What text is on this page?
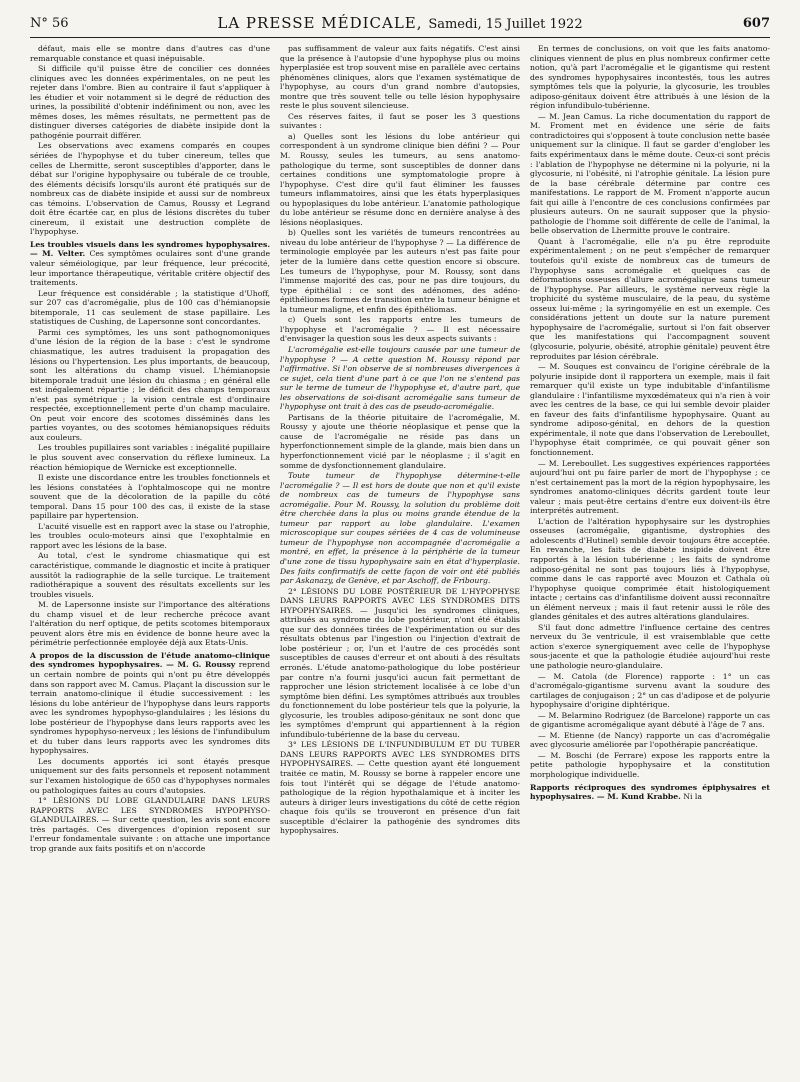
N° 56	LA PRESSE MÉDICALE, Samedi, 15 Juillet 1922	607

défaut, mais elle se montre dans d'autres cas d'une remarquable constance et quasi inépuisable.

Si difficile qu'il puisse être de concilier ces données cliniques avec les données expérimentales, on ne peut les rejeter dans l'ombre. Bien au contraire il faut s'appliquer à les étudier et voir notamment si le degré de réduction des urines, la possibilité d'obtenir indéfiniment ou non, avec les mêmes doses, les mêmes résultats, ne permettent pas de distinguer diverses catégories de diabète insipide dont la pathogénie pourrait différer.

Les observations avec examens comparés en coupes sériées de l'hypophyse et du tuber cinereum, telles que celles de Lhermitte, seront susceptibles d'apporter, dans le débat sur l'origine hypophysaire ou tubérale de ce trouble, des éléments décisifs lorsqu'ils auront été pratiqués sur de nombreux cas de diabète insipide et aussi sur de nombreux cas témoins. L'observation de Camus, Roussy et Legrand doit être écartée car, en plus de lésions discrètes du tuber cinereum, il existait une destruction complète de l'hypophyse.

Les troubles visuels dans les syndromes hypophysaires. — M. Velter. Ces symptômes oculaires sont d'une grande valeur séméiologique, par leur fréquence, leur précocité, leur importance thérapeutique, véritable critère objectif des traitements.

Leur fréquence est considérable ; la statistique d'Uhoff, sur 207 cas d'acromégalie, plus de 100 cas d'hémianopsie bitemporale, 11 cas seulement de stase papillaire. Les statistiques de Cushing, de Lapersonne sont concordantes.

Parmi ces symptômes, les uns sont pathognomoniques d'une lésion de la région de la base : c'est le syndrome chiasmatique, les autres traduisent la propagation des lésions ou l'hypertension. Les plus importants, de beaucoup, sont les altérations du champ visuel. L'hémianopsie bitemporale traduit une lésion du chiasma ; en général elle est inégalement répartie ; le déficit des champs temporaux n'est pas symétrique ; la vision centrale est d'ordinaire respectée, exceptionnellement perte d'un champ maculaire. On peut voir encore des scotomes disséminés dans les parties voyantes, ou des scotomes hémianopsiques réduits aux couleurs.

Les troubles pupillaires sont variables : inégalité pupillaire le plus souvent avec conservation du réflexe lumineux. La réaction hémiopique de Wernicke est exceptionnelle.

Il existe une discordance entre les troubles fonctionnels et les lésions constatées à l'ophtalmoscope qui ne montre souvent que de la décoloration de la papille du côté temporal. Dans 15 pour 100 des cas, il existe de la stase papillaire par hypertension.

L'acuité visuelle est en rapport avec la stase ou l'atrophie, les troubles oculo-moteurs ainsi que l'exophtalmie en rapport avec les lésions de la base.

Au total, c'est le syndrome chiasmatique qui est caractéristique, commande le diagnostic et incite à pratiquer aussitôt la radiographie de la selle turcique. Le traitement radiothérapique a souvent des résultats excellents sur les troubles visuels.

M. de Lapersonne insiste sur l'importance des altérations du champ visuel et de leur recherche précoce avant l'altération du nerf optique, de petits scotomes bitemporaux peuvent alors être mis en évidence de bonne heure avec la périmétrie perfectionnée employée déjà aux Etats-Unis.

A propos de la discussion de l'étude anatomo-clinique des syndromes hypophysaires. — M. G. Roussy reprend un certain nombre de points qui n'ont pu être développés dans son rapport avec M. Camus. Plaçant la discussion sur le terrain anatomo-clinique il étudie successivement : les lésions du lobe antérieur de l'hypophyse dans leurs rapports avec les syndromes hypophyso-glandulaires ; les lésions du lobe postérieur de l'hypophyse dans leurs rapports avec les syndromes hypophyso-nerveux ; les lésions de l'infundibulum et du tuber dans leurs rapports avec les syndromes dits hypophysaires.

Les documents apportés ici sont étayés presque uniquement sur des faits personnels et reposent notamment sur l'examen histologique de 650 cas d'hypophyses normales ou pathologiques faites au cours d'autopsies.

1° LÉSIONS DU LOBE GLANDULAIRE DANS LEURS RAPPORTS AVEC LES SYNDROMES HYPOPHYSO-GLANDULAIRES. — Sur cette question, les avis sont encore très partagés. Ces divergences d'opinion reposent sur l'erreur fondamentale suivante : on attache une importance trop grande aux faits positifs et on n'accorde

pas suffisamment de valeur aux faits négatifs. C'est ainsi que la présence à l'autopsie d'une hypophyse plus ou moins hyperplasiée est trop souvent mise en parallèle avec certains phénomènes cliniques, alors que l'examen systématique de l'hypophyse, au cours d'un grand nombre d'autopsies, montre que très souvent telle ou telle lésion hypophysaire reste le plus souvent silencieuse.

Ces réserves faites, il faut se poser les 3 questions suivantes :

a) Quelles sont les lésions du lobe antérieur qui correspondent à un syndrome clinique bien défini ? — Pour M. Roussy, seules les tumeurs, au sens anatomo-pathologique du terme, sont susceptibles de donner dans certaines conditions une symptomatologie propre à l'hypophyse. C'est dire qu'il faut éliminer les fausses tumeurs inflammatoires, ainsi que les états hyperplasiques ou hypoplasiques du lobe antérieur. L'anatomie pathologique du lobe antérieur se résume donc en dernière analyse à des lésions néoplasiques.

b) Quelles sont les variétés de tumeurs rencontrées au niveau du lobe antérieur de l'hypophyse ? — La différence de terminologie employée par les auteurs n'est pas faite pour jeter de la lumière dans cette question encore si obscure. Les tumeurs de l'hypophyse, pour M. Roussy, sont dans l'immense majorité des cas, pour ne pas dire toujours, du type épithélial : ce sont des adénomes, des adéno-épithéliomes formes de transition entre la tumeur bénigne et la tumeur maligne, et enfin des épithéliomas.

c) Quels sont les rapports entre les tumeurs de l'hypophyse et l'acromégalie ? — Il est nécessaire d'envisager la question sous les deux aspects suivants :

L'acromégalie est-elle toujours causée par une tumeur de l'hypophyse ? — A cette question M. Roussy répond par l'affirmative. Si l'on observe de si nombreuses divergences à ce sujet, cela tient d'une part à ce que l'on ne s'entend pas sur le terme de tumeur de l'hypophyse et, d'autre part, que les observations de soi-disant acromégalie sans tumeur de l'hypophyse ont trait à des cas de pseudo-acromégalie.

Partisans de la théorie pituitaire de l'acromégalie, M. Roussy y ajoute une théorie néoplasique et pense que la cause de l'acromégalie ne réside pas dans un hyperfonctionnement simple de la glande, mais bien dans un hyperfonctionnement vicié par le néoplasme ; il s'agit en somme de dysfonctionnement glandulaire.

Toute tumeur de l'hypophyse détermine-t-elle l'acromégalie ? — Il est hors de doute que non et qu'il existe de nombreux cas de tumeurs de l'hypophyse sans acromégalie. Pour M. Roussy, la solution du problème doit être cherchée dans la plus ou moins grande étendue de la tumeur par rapport au lobe glandulaire. L'examen microscopique sur coupes sériées de 4 cas de volumineuse tumeur de l'hypophyse non accompagnée d'acromégalie a montré, en effet, la présence à la périphérie de la tumeur d'une zone de tissu hypophysaire sain en état d'hyperplasie. Des faits confirmatifs de cette façon de voir ont été publiés par Askanazy, de Genève, et par Aschoff, de Fribourg.

2° LÉSIONS DU LOBE POSTÉRIEUR DE L'HYPOPHYSE DANS LEURS RAPPORTS AVEC LES SYNDROMES DITS HYPOPHYSAIRES. — Jusqu'ici les syndromes cliniques, attribués au syndrome du lobe postérieur, n'ont été établis que sur des données tirées de l'expérimentation ou sur des résultats obtenus par l'ingestion ou l'injection d'extrait de lobe postérieur ; or, l'un et l'autre de ces procédés sont susceptibles de causes d'erreur et ont abouti à des résultats erronés. L'étude anatomo-pathologique du lobe postérieur par contre n'a fourni jusqu'ici aucun fait permettant de rapprocher une lésion strictement localisée à ce lobe d'un symptôme bien défini. Les symptômes attribués aux troubles du fonctionnement du lobe postérieur tels que la polyurie, la glycosurie, les troubles adiposo-génitaux ne sont donc que les symptômes d'emprunt qui appartiennent à la région infundibulo-tubérienne de la base du cerveau.

3° LES LÉSIONS DE L'INFUNDIBULUM ET DU TUBER DANS LEURS RAPPORTS AVEC LES SYNDROMES DITS HYPOPHYSAIRES. — Cette question ayant été longuement traitée ce matin, M. Roussy se borne à rappeler encore une fois tout l'intérêt qui se dégage de l'étude anatomo-pathologique de la région hypothalamique et à inciter les auteurs à diriger leurs investigations du côté de cette région chaque fois qu'ils se trouveront en présence d'un fait susceptible d'éclairer la pathogénie des syndromes dits hypophysaires.

En termes de conclusions, on voit que les faits anatomo-cliniques viennent de plus en plus nombreux confirmer cette notion, qu'à part l'acromégalie et le gigantisme qui restent des syndromes hypophysaires incontestés, tous les autres symptômes tels que la polyurie, la glycosurie, les troubles adiposo-génitaux doivent être attribués à une lésion de la région infundibulo-tubérienne.

— M. Jean Camus. La riche documentation du rapport de M. Froment met en évidence une série de faits contradictoires qui s'opposent à toute conclusion nette basée uniquement sur la clinique. Il faut se garder d'englober les faits expérimentaux dans le même doute. Ceux-ci sont précis : l'ablation de l'hypophyse ne détermine ni la polyurie, ni la glycosurie, ni l'obésité, ni l'atrophie génitale. La lésion pure de la base cérébrale détermine par contre ces manifestations. Le rapport de M. Froment n'apporte aucun fait qui aille à l'encontre de ces conclusions confirmées par plusieurs auteurs. On ne saurait supposer que la physio-pathologie de l'homme soit différente de celle de l'animal, la belle observation de Lhermitte prouve le contraire.

Quant à l'acromégalie, elle n'a pu être reproduite expérimentalement ; on ne peut s'empêcher de remarquer toutefois qu'il existe de nombreux cas de tumeurs de l'hypophyse sans acromégalie et quelques cas de déformations osseuses d'allure acromégalique sans tumeur de l'hypophyse. Par ailleurs, le système nerveux règle la trophicité du système musculaire, de la peau, du système osseux lui-même ; la syringomyélie en est un exemple. Ces considérations jettent un doute sur la nature purement hypophysaire de l'acromégalie, surtout si l'on fait observer que les manifestations qui l'accompagnent souvent (glycosurie, polyurie, obésité, atrophie génitale) peuvent être reproduites par lésion cérébrale.

— M. Souques est convaincu de l'origine cérébrale de la polyurie insipide dont il rapportera un exemple, mais il fait remarquer qu'il existe un type indubitable d'infantilisme glandulaire : l'infantilisme myxœdémateux qui n'a rien à voir avec les centres de la base, ce qui lui semble devoir plaider en faveur des faits d'infantilisme hypophysaire. Quant au syndrome adiposo-génital, en dehors de la question expérimentale, il note que dans l'observation de Lereboullet, l'hypophyse était comprimée, ce qui pouvait gêner son fonctionnement.

— M. Lereboullet. Les suggestives expériences rapportées aujourd'hui ont pu faire parler de mort de l'hypophyse ; ce n'est certainement pas la mort de la région hypophysaire, les syndromes anatomo-cliniques décrits gardent toute leur valeur ; mais peut-être certains d'entre eux doivent-ils être interprétés autrement.

L'action de l'altération hypophysaire sur les dystrophies osseuses (acromégalie, gigantisme, dystrophies des adolescents d'Hutinel) semble devoir toujours être acceptée. En revanche, les faits de diabète insipide doivent être rapportés à la lésion tubérienne ; les faits de syndrome adiposo-génital ne sont pas toujours liés à l'hypophyse, comme dans le cas rapporté avec Mouzon et Cathala où l'hypophyse quoique comprimée était histologiquement intacte ; certains cas d'infantilisme doivent aussi reconnaître un élément nerveux ; mais il faut retenir aussi le rôle des glandes génitales et des autres altérations glandulaires.

S'il faut donc admettre l'influence certaine des centres nerveux du 3e ventricule, il est vraisemblable que cette action s'exerce synergiquement avec celle de l'hypophyse sous-jacente et que la pathologie étudiée aujourd'hui reste une pathologie neuro-glandulaire.

— M. Catola (de Florence) rapporte : 1° un cas d'acromégalo-gigantisme survenu avant la soudure des cartilages de conjugaison ; 2° un cas d'adipose et de polyurie hypophysaire d'origine diphtérique.

— M. Belarmino Rodriguez (de Barcelone) rapporte un cas de gigantisme acromégalique ayant débuté à l'âge de 7 ans.

— M. Etienne (de Nancy) rapporte un cas d'acromégalie avec glycosurie améliorée par l'opothérapie pancréatique.

— M. Boschi (de Ferrare) expose les rapports entre la petite pathologie hypophysaire et la constitution morphologique individuelle.

Rapports réciproques des syndromes épiphysaires et hypophysaires. — M. Kund Krabbe. Ni la
